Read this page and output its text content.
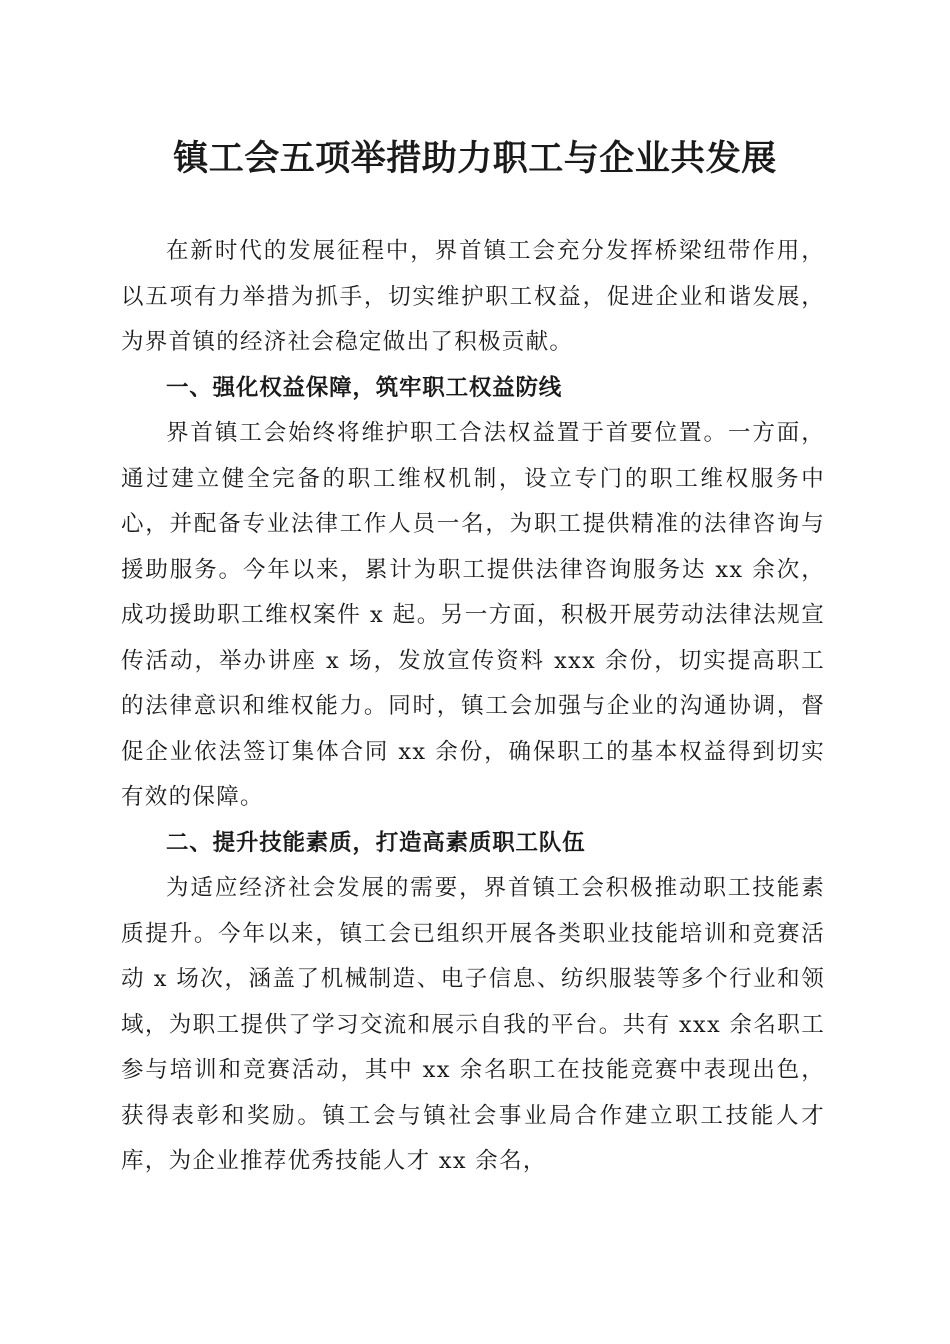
镇工会五项举措助力职工与企业共发展

在新时代的发展征程中，界首镇工会充分发挥桥梁纽带作用，以五项有力举措为抓手，切实维护职工权益，促进企业和谐发展，为界首镇的经济社会稳定做出了积极贡献。

一、强化权益保障，筑牢职工权益防线

界首镇工会始终将维护职工合法权益置于首要位置。一方面，通过建立健全完备的职工维权机制，设立专门的职工维权服务中心，并配备专业法律工作人员一名，为职工提供精准的法律咨询与援助服务。今年以来，累计为职工提供法律咨询服务达 xx 余次，成功援助职工维权案件 x 起。另一方面，积极开展劳动法律法规宣传活动，举办讲座 x 场，发放宣传资料 xxx 余份，切实提高职工的法律意识和维权能力。同时，镇工会加强与企业的沟通协调，督促企业依法签订集体合同 xx 余份，确保职工的基本权益得到切实有效的保障。

二、提升技能素质，打造高素质职工队伍

为适应经济社会发展的需要，界首镇工会积极推动职工技能素质提升。今年以来，镇工会已组织开展各类职业技能培训和竞赛活动 x 场次，涵盖了机械制造、电子信息、纺织服装等多个行业和领域，为职工提供了学习交流和展示自我的平台。共有 xxx 余名职工参与培训和竞赛活动，其中 xx 余名职工在技能竞赛中表现出色，获得表彰和奖励。镇工会与镇社会事业局合作建立职工技能人才库，为企业推荐优秀技能人才 xx 余名，
